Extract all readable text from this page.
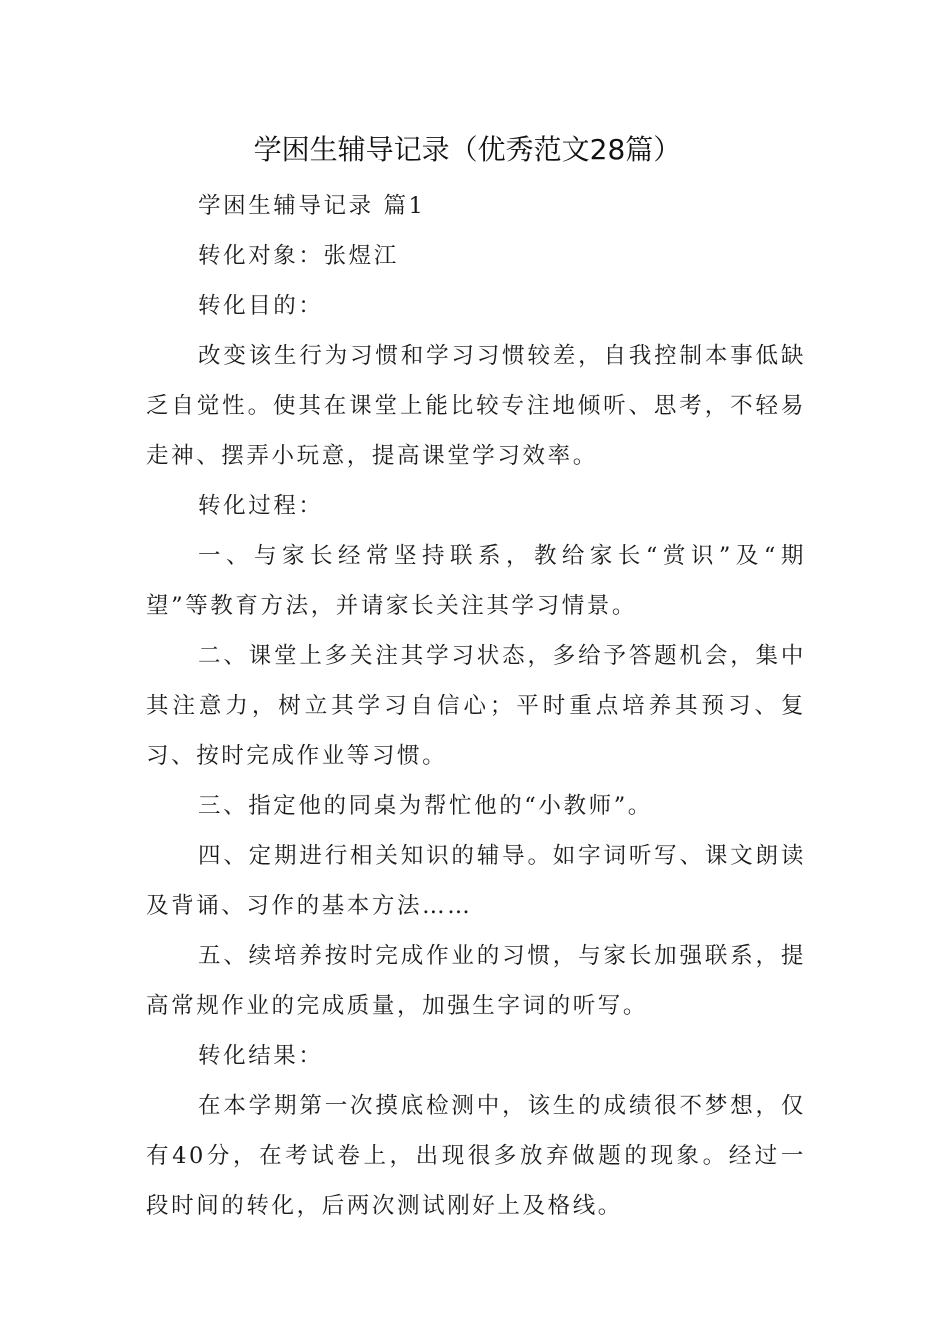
学困生辅导记录（优秀范文28篇）

学困生辅导记录 篇1

转化对象：张煜江

转化目的：

改变该生行为习惯和学习习惯较差，自我控制本事低缺乏自觉性。使其在课堂上能比较专注地倾听、思考，不轻易走神、摆弄小玩意，提高课堂学习效率。

转化过程：

一、与家长经常坚持联系，教给家长“赏识”及“期望”等教育方法，并请家长关注其学习情景。

二、课堂上多关注其学习状态，多给予答题机会，集中其注意力，树立其学习自信心；平时重点培养其预习、复习、按时完成作业等习惯。

三、指定他的同桌为帮忙他的“小教师”。

四、定期进行相关知识的辅导。如字词听写、课文朗读及背诵、习作的基本方法……

五、续培养按时完成作业的习惯，与家长加强联系，提高常规作业的完成质量，加强生字词的听写。

转化结果：

在本学期第一次摸底检测中，该生的成绩很不梦想，仅有40分，在考试卷上，出现很多放弃做题的现象。经过一段时间的转化，后两次测试刚好上及格线。
